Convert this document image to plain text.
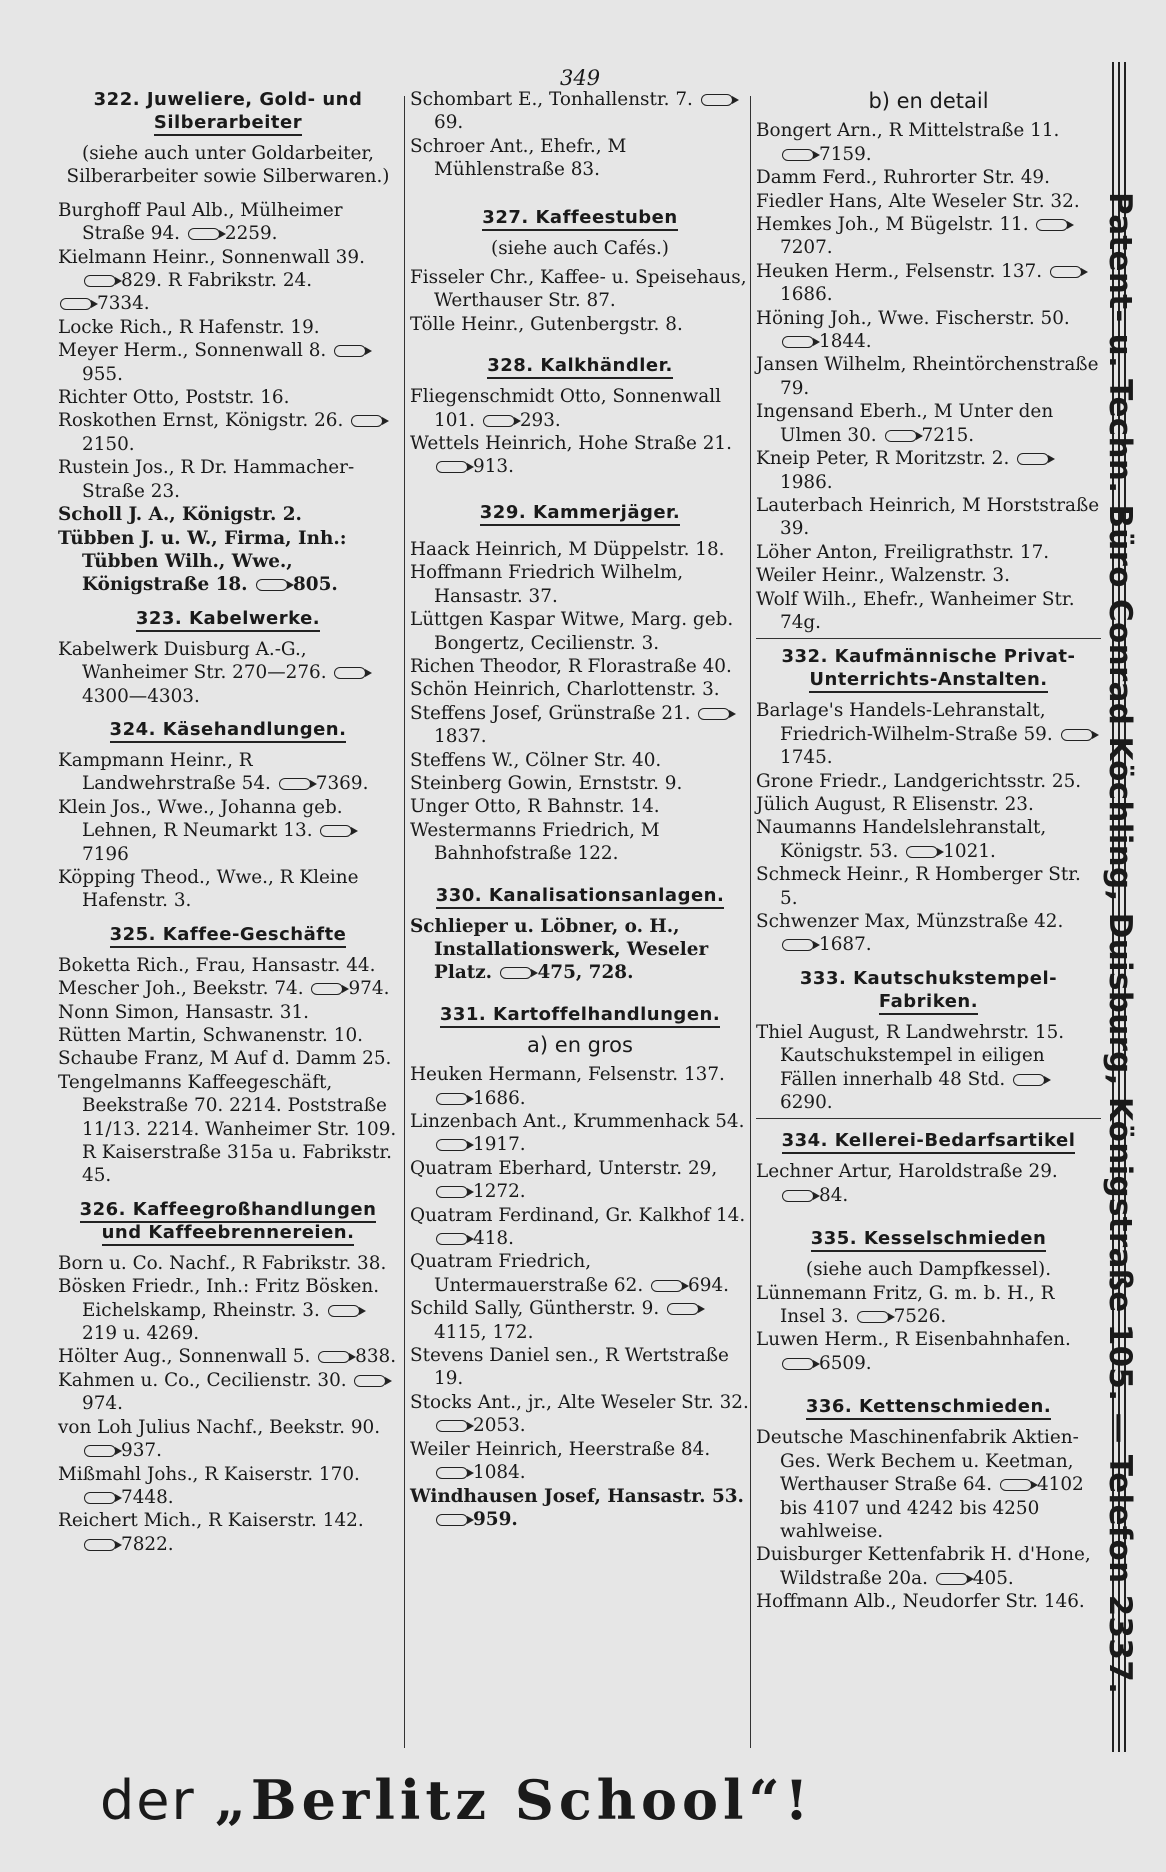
349
322. Juweliere, Gold- und
Silberarbeiter
(siehe auch unter Goldarbeiter, Silberarbeiter sowie Silberwaren.)
Burghoff Paul Alb., Mülheimer Straße 94. 2259.
Kielmann Heinr., Sonnenwall 39. 829. R Fabrikstr. 24.
7334.
Locke Rich., R Hafenstr. 19.
Meyer Herm., Sonnenwall 8. 955.
Richter Otto, Poststr. 16.
Roskothen Ernst, Königstr. 26. 2150.
Rustein Jos., R Dr. Hammacher-Straße 23.
Scholl J. A., Königstr. 2.
Tübben J. u. W., Firma, Inh.: Tübben Wilh., Wwe., Königstraße 18. 805.
323. Kabelwerke.
Kabelwerk Duisburg A.-G., Wanheimer Str. 270—276. 4300—4303.
324. Käsehandlungen.
Kampmann Heinr., R Landwehrstraße 54. 7369.
Klein Jos., Wwe., Johanna geb. Lehnen, R Neumarkt 13. 7196
Köpping Theod., Wwe., R Kleine Hafenstr. 3.
325. Kaffee-Geschäfte
Boketta Rich., Frau, Hansastr. 44.
Mescher Joh., Beekstr. 74. 974.
Nonn Simon, Hansastr. 31.
Rütten Martin, Schwanenstr. 10.
Schaube Franz, M Auf d. Damm 25.
Tengelmanns Kaffeegeschäft, Beekstraße 70. 2214. Poststraße 11/13. 2214. Wanheimer Str. 109. R Kaiserstraße 315a u. Fabrikstr. 45.
326. Kaffeegroßhandlungen
und Kaffeebrennereien.
Born u. Co. Nachf., R Fabrikstr. 38.
Bösken Friedr., Inh.: Fritz Bösken. Eichelskamp, Rheinstr. 3. 219 u. 4269.
Hölter Aug., Sonnenwall 5. 838.
Kahmen u. Co., Cecilienstr. 30. 974.
von Loh Julius Nachf., Beekstr. 90. 937.
Mißmahl Johs., R Kaiserstr. 170. 7448.
Reichert Mich., R Kaiserstr. 142. 7822.
Schombart E., Tonhallenstr. 7. 69.
Schroer Ant., Ehefr., M Mühlenstraße 83.
327. Kaffeestuben
(siehe auch Cafés.)
Fisseler Chr., Kaffee- u. Speisehaus, Werthauser Str. 87.
Tölle Heinr., Gutenbergstr. 8.
328. Kalkhändler.
Fliegenschmidt Otto, Sonnenwall 101. 293.
Wettels Heinrich, Hohe Straße 21. 913.
329. Kammerjäger.
Haack Heinrich, M Düppelstr. 18.
Hoffmann Friedrich Wilhelm, Hansastr. 37.
Lüttgen Kaspar Witwe, Marg. geb. Bongertz, Cecilienstr. 3.
Richen Theodor, R Florastraße 40.
Schön Heinrich, Charlottenstr. 3.
Steffens Josef, Grünstraße 21. 1837.
Steffens W., Cölner Str. 40.
Steinberg Gowin, Ernststr. 9.
Unger Otto, R Bahnstr. 14.
Westermanns Friedrich, M Bahnhofstraße 122.
330. Kanalisationsanlagen.
Schlieper u. Löbner, o. H., Installationswerk, Weseler Platz. 475, 728.
331. Kartoffelhandlungen.
a) en gros
Heuken Hermann, Felsenstr. 137. 1686.
Linzenbach Ant., Krummenhack 54. 1917.
Quatram Eberhard, Unterstr. 29, 1272.
Quatram Ferdinand, Gr. Kalkhof 14. 418.
Quatram Friedrich, Untermauerstraße 62. 694.
Schild Sally, Güntherstr. 9. 4115, 172.
Stevens Daniel sen., R Wertstraße 19.
Stocks Ant., jr., Alte Weseler Str. 32. 2053.
Weiler Heinrich, Heerstraße 84. 1084.
Windhausen Josef, Hansastr. 53. 959.
b) en detail
Bongert Arn., R Mittelstraße 11. 7159.
Damm Ferd., Ruhrorter Str. 49.
Fiedler Hans, Alte Weseler Str. 32.
Hemkes Joh., M Bügelstr. 11. 7207.
Heuken Herm., Felsenstr. 137. 1686.
Höning Joh., Wwe. Fischerstr. 50. 1844.
Jansen Wilhelm, Rheintörchenstraße 79.
Ingensand Eberh., M Unter den Ulmen 30. 7215.
Kneip Peter, R Moritzstr. 2. 1986.
Lauterbach Heinrich, M Horststraße 39.
Löher Anton, Freiligrathstr. 17.
Weiler Heinr., Walzenstr. 3.
Wolf Wilh., Ehefr., Wanheimer Str. 74g.
332. Kaufmännische Privat-
Unterrichts-Anstalten.
Barlage's Handels-Lehranstalt, Friedrich-Wilhelm-Straße 59. 1745.
Grone Friedr., Landgerichtsstr. 25.
Jülich August, R Elisenstr. 23.
Naumanns Handelslehranstalt, Königstr. 53. 1021.
Schmeck Heinr., R Homberger Str. 5.
Schwenzer Max, Münzstraße 42. 1687.
333. Kautschukstempel-
Fabriken.
Thiel August, R Landwehrstr. 15. Kautschukstempel in eiligen Fällen innerhalb 48 Std. 6290.
334. Kellerei-Bedarfsartikel
Lechner Artur, Haroldstraße 29. 84.
335. Kesselschmieden
(siehe auch Dampfkessel).
Lünnemann Fritz, G. m. b. H., R Insel 3. 7526.
Luwen Herm., R Eisenbahnhafen. 6509.
336. Kettenschmieden.
Deutsche Maschinenfabrik Aktien-Ges. Werk Bechem u. Keetman, Werthauser Straße 64. 4102 bis 4107 und 4242 bis 4250 wahlweise.
Duisburger Kettenfabrik H. d'Hone, Wildstraße 20a. 405.
Hoffmann Alb., Neudorfer Str. 146. Patent- u. Techn. Büro Conrad Köchling, Duisburg, Königstraße 105. — Telefon 2337.
der „Berlitz School“!
